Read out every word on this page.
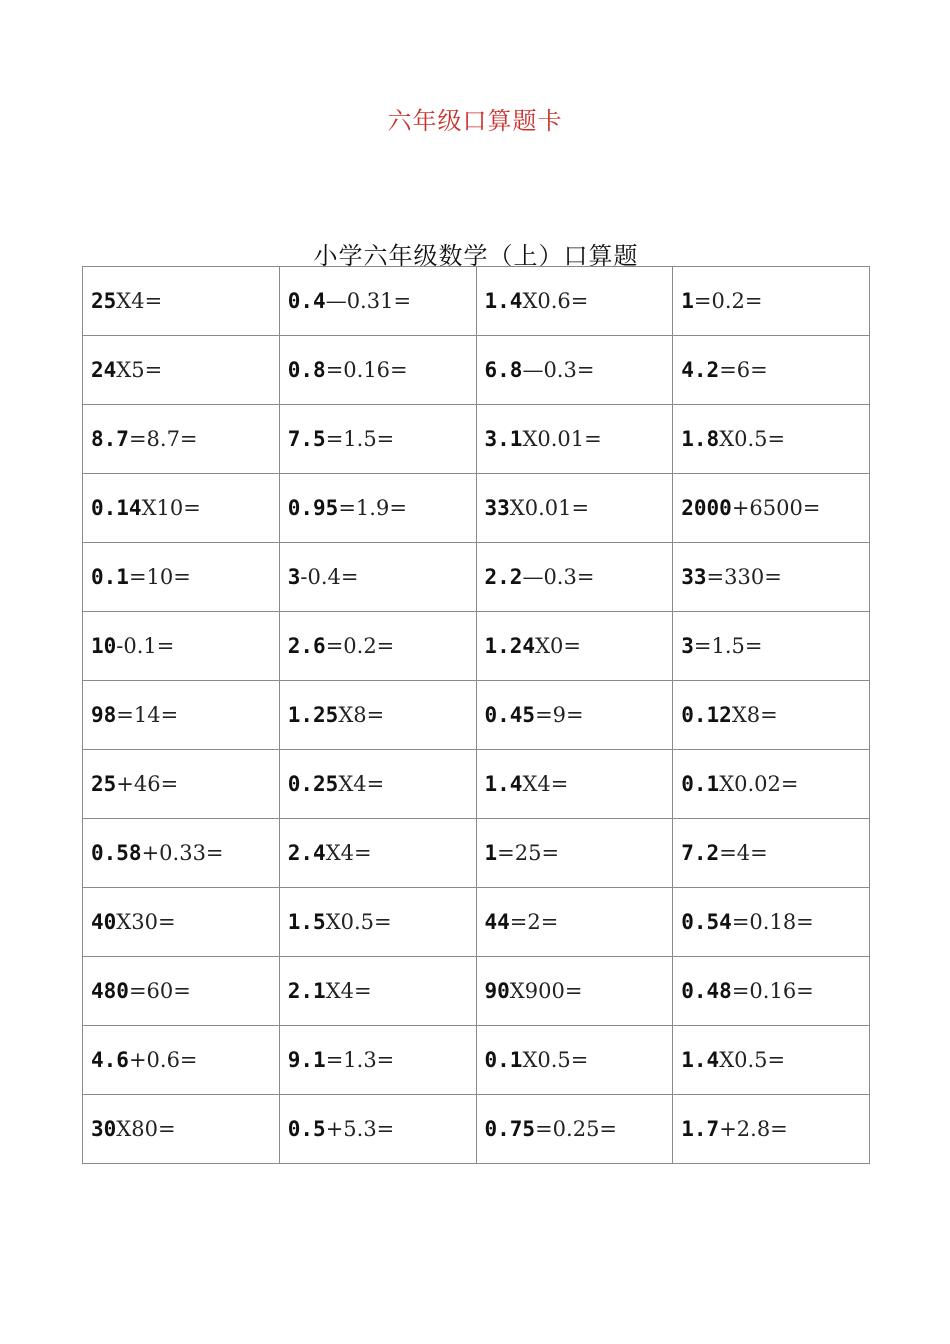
六年级口算题卡
小学六年级数学（上）口算题
25X4=	0.4—0.31=	1.4X0.6=	1=0.2=
24X5=	0.8=0.16=	6.8—0.3=	4.2=6=
8.7=8.7=	7.5=1.5=	3.1X0.01=	1.8X0.5=
0.14X10=	0.95=1.9=	33X0.01=	2000+6500=
0.1=10=	3-0.4=	2.2—0.3=	33=330=
10-0.1=	2.6=0.2=	1.24X0=	3=1.5=
98=14=	1.25X8=	0.45=9=	0.12X8=
25+46=	0.25X4=	1.4X4=	0.1X0.02=
0.58+0.33=	2.4X4=	1=25=	7.2=4=
40X30=	1.5X0.5=	44=2=	0.54=0.18=
480=60=	2.1X4=	90X900=	0.48=0.16=
4.6+0.6=	9.1=1.3=	0.1X0.5=	1.4X0.5=
30X80=	0.5+5.3=	0.75=0.25=	1.7+2.8=
